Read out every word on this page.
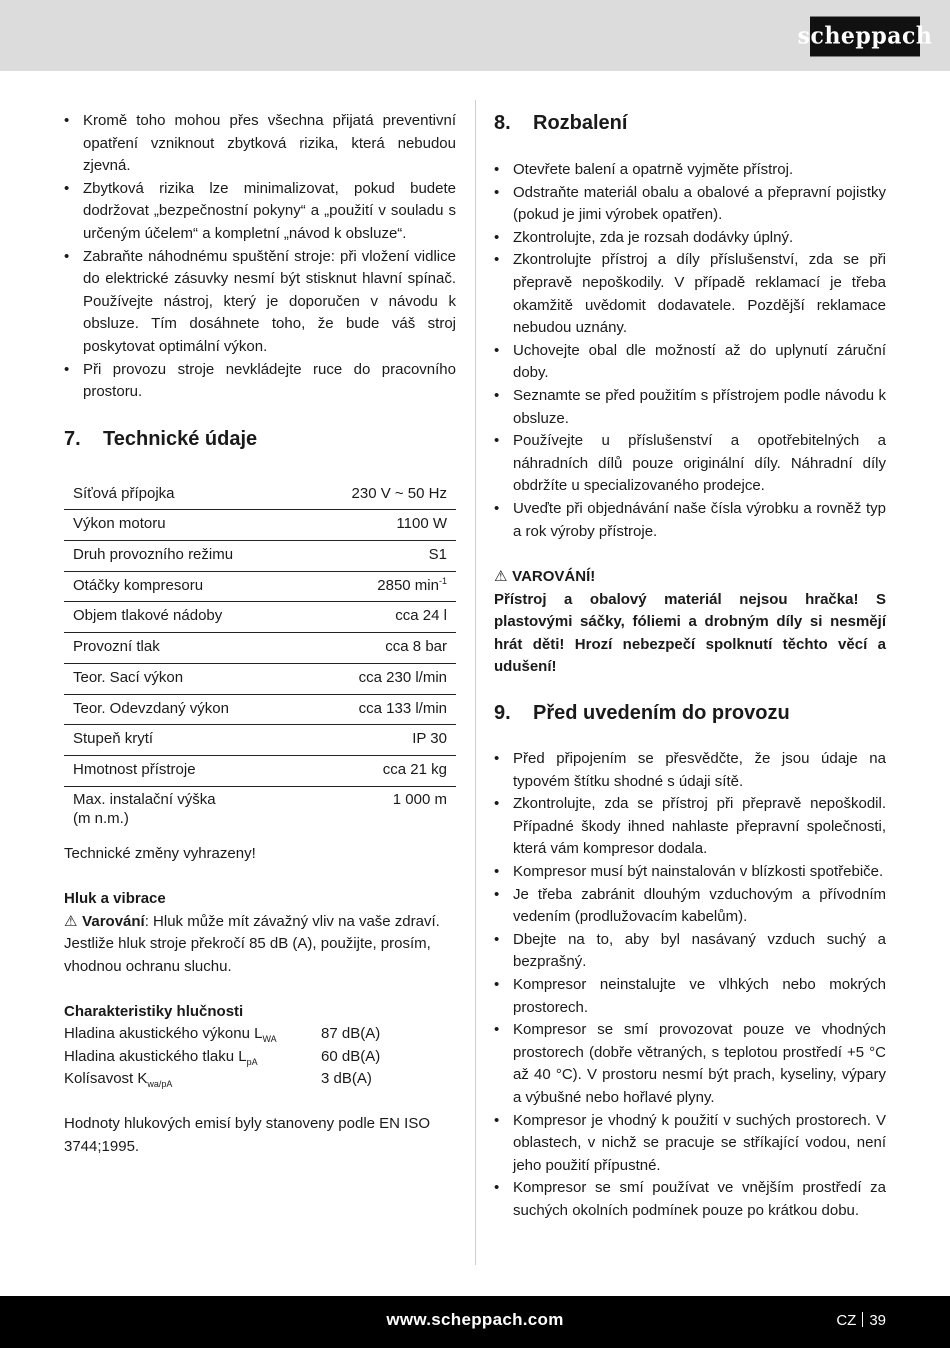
scheppach
• Kromě toho mohou přes všechna přijatá preventivní opatření vzniknout zbytková rizika, která nebudou zjevná.
• Zbytková rizika lze minimalizovat, pokud budete dodržovat „bezpečnostní pokyny“ a „použití v souladu s určeným účelem“ a kompletní „návod k obsluze“.
• Zabraňte náhodnému spuštění stroje: při vložení vidlice do elektrické zásuvky nesmí být stisknut hlavní spínač. Používejte nástroj, který je doporučen v návodu k obsluze. Tím dosáhnete toho, že bude váš stroj poskytovat optimální výkon.
• Při provozu stroje nevkládejte ruce do pracovního prostoru.
7.	Technické údaje
Síťová přípojka	230 V ~ 50 Hz
Výkon motoru	1100 W
Druh provozního režimu	S1
Otáčky kompresoru	2850 $\min^{-1}$
Objem tlakové nádoby	cca 24 l
Provozní tlak	cca 8 bar
Teor. Sací výkon	cca 230 l/min
Teor. Odevzdaný výkon	cca 133 l/min
Stupeň krytí	IP 30
Hmotnost přístroje	cca 21 kg
Max. instalační výška
(m n.m.)	1 000 m

Technické změny vyhrazeny!

Hluk a vibrace

⚠ Varování: Hluk může mít závažný vliv na vaše zdraví. Jestliže hluk stroje překročí 85 dB (A), použijte, prosím, vhodnou ochranu sluchu.

Charakteristiky hlučnosti

Hladina akustického výkonu $L_{WA}$	87 dB(A)
Hladina akustického tlaku $L_{pA}$	60 dB(A)
Kolísavost $K_{wa/pA}$	3 dB(A)

Hodnoty hlukových emisí byly stanoveny podle EN ISO 3744;1995.

8.	Rozbalení
• Otevřete balení a opatrně vyjměte přístroj.
• Odstraňte materiál obalu a obalové a přepravní pojistky (pokud je jimi výrobek opatřen).
• Zkontrolujte, zda je rozsah dodávky úplný.
• Zkontrolujte přístroj a díly příslušenství, zda se při přepravě nepoškodily. V případě reklamací je třeba okamžitě uvědomit dodavatele. Pozdější reklamace nebudou uznány.
• Uchovejte obal dle možností až do uplynutí záruční doby.
• Seznamte se před použitím s přístrojem podle návodu k obsluze.
• Používejte u příslušenství a opotřebitelných a náhradních dílů pouze originální díly. Náhradní díly obdržíte u specializovaného prodejce.
• Uveďte při objednávání naše čísla výrobku a rovněž typ a rok výroby přístroje.

⚠ VAROVÁNÍ!

Přístroj a obalový materiál nejsou hračka! S plastovými sáčky, fóliemi a drobným díly si nesmějí hrát děti! Hrozí nebezpečí spolknutí těchto věcí a udušení!

9.	Před uvedením do provozu
• Před připojením se přesvědčte, že jsou údaje na typovém štítku shodné s údaji sítě.
• Zkontrolujte, zda se přístroj při přepravě nepoškodil. Případné škody ihned nahlaste přepravní společnosti, která vám kompresor dodala.
• Kompresor musí být nainstalován v blízkosti spotřebiče.
• Je třeba zabránit dlouhým vzduchovým a přívodním vedením (prodlužovacím kabelům).
• Dbejte na to, aby byl nasávaný vzduch suchý a bezprašný.
• Kompresor neinstalujte ve vlhkých nebo mokrých prostorech.
• Kompresor se smí provozovat pouze ve vhodných prostorech (dobře větraných, s teplotou prostředí +5 °C až 40 °C). V prostoru nesmí být prach, kyseliny, výpary a výbušné nebo hořlavé plyny.
• Kompresor je vhodný k použití v suchých prostorech. V oblastech, v nichž se pracuje se stříkající vodou, není jeho použití přípustné.
• Kompresor se smí používat ve vnějším prostředí za suchých okolních podmínek pouze po krátkou dobu.
www.scheppach.com	CZ 39
